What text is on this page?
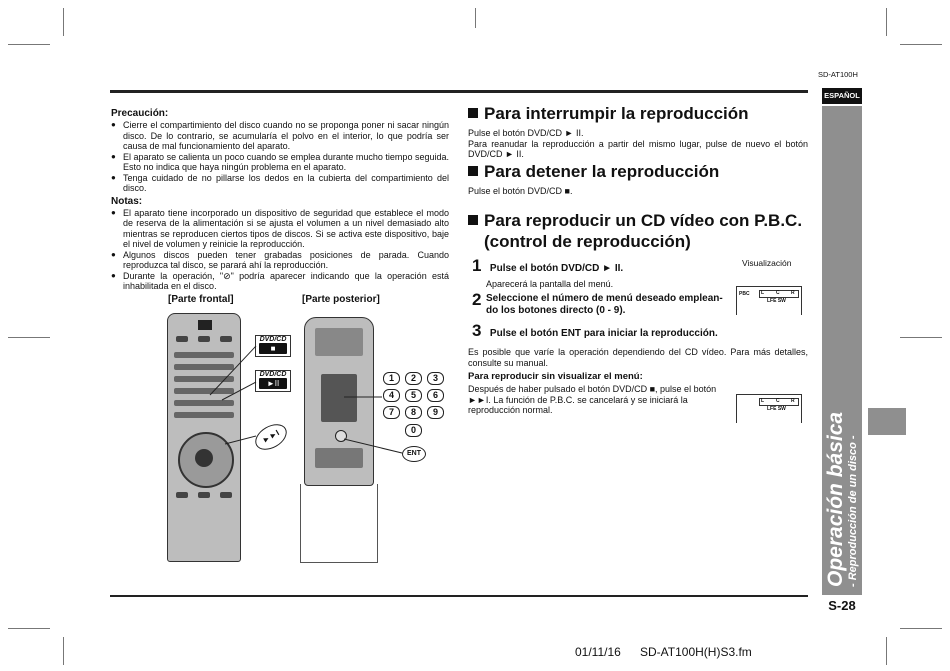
SD-AT100H
ESPAÑOL
Operación básica - Reproducción de un disco -
Precaución:

● Cierre el compartimiento del disco cuando no se proponga poner ni sacar ningún disco. De lo contrario, se acumularía el polvo en el interior, lo que podría ser causa de mal funcionamiento del aparato.

● El aparato se calienta un poco cuando se emplea durante mucho tiempo seguida. Esto no indica que haya ningún problema en el aparato.

● Tenga cuidado de no pillarse los dedos en la cubierta del compartimiento del disco.

Notas:

● El aparato tiene incorporado un dispositivo de seguridad que establece el modo de reserva de la alimentación si se ajusta el volumen a un nivel demasiado alto mientras se reproducen ciertos tipos de discos. Si se activa este dispositivo, baje el nivel de volumen y reinicie la reproducción.

● Algunos discos pueden tener grabadas posiciones de parada. Cuando reproduzca tal disco, se parará ahí la reproducción.

● Durante la operación, "⊘" podría aparecer indicando que la operación está inhabilitada en el disco.

[Parte frontal]	[Parte posterior]
DVD/CD
■
DVD/CD
►II
►►I
1	2	3
4	5	6
7	8	9
0
ENT
Para interrumpir la reproducción
Pulse el botón DVD/CD ► II.
Para reanudar la reproducción a partir del mismo lugar, pulse de nuevo el botón DVD/CD ► II.
Para detener la reproducción
Pulse el botón DVD/CD ■.
Para reproducir un CD vídeo con P.B.C.
(control de reproducción)
Visualización
PBC L C R
LFE SW
1 Pulse el botón DVD/CD ► II.
Aparecerá la pantalla del menú.
2 Seleccione el número de menú deseado emplean- do los botones directo (0 - 9).
3 Pulse el botón ENT para iniciar la reproducción.
Es posible que varíe la operación dependiendo del CD vídeo. Para más detalles, consulte su manual.
Para reproducir sin visualizar el menú:
Después de haber pulsado el botón DVD/CD ■, pulse el botón ►►I. La función de P.B.C. se cancelará y se iniciará la reproducción normal.
L C R
LFE SW
S-28
01/11/16 SD-AT100H(H)S3.fm
